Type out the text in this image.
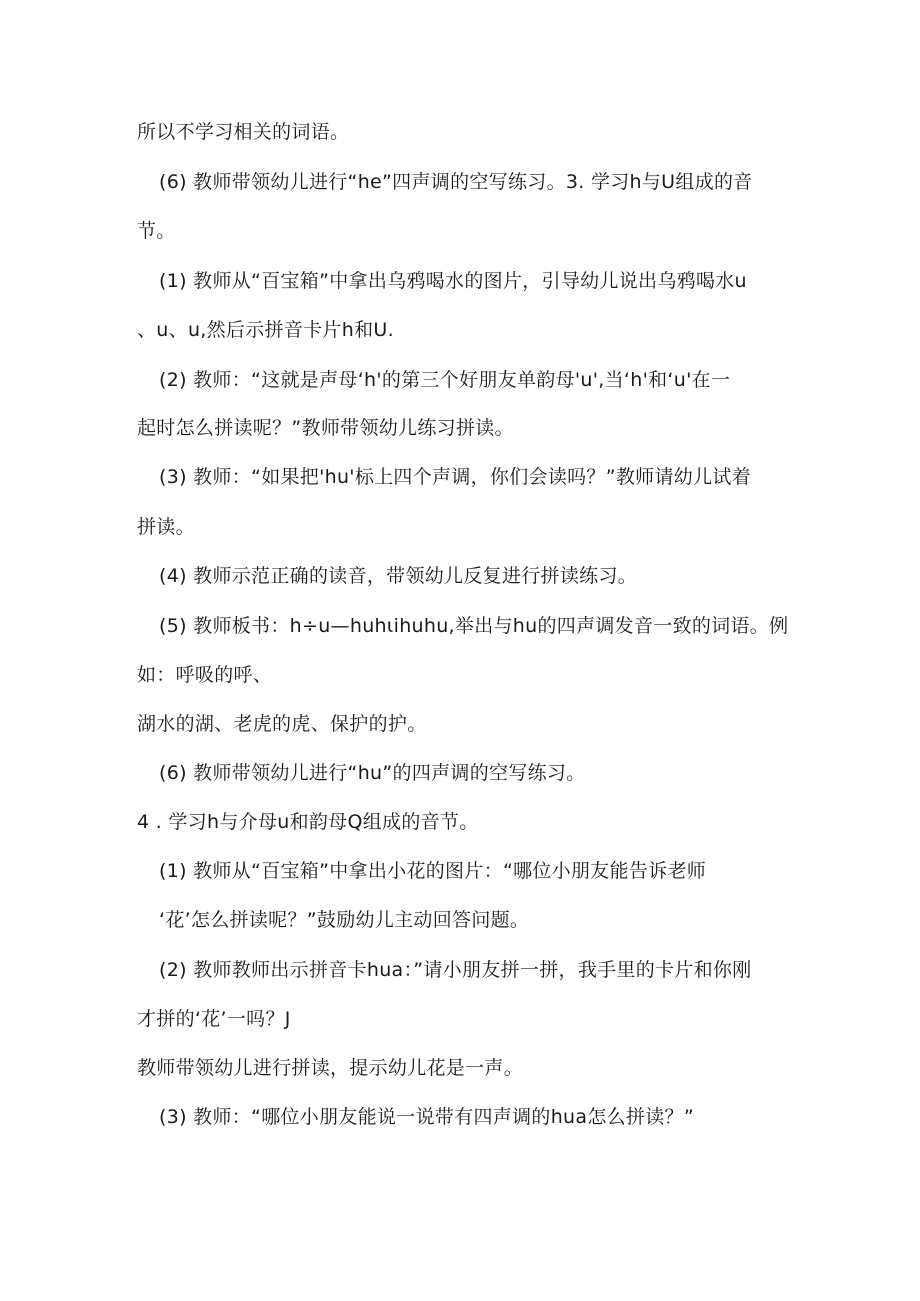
所以不学习相关的词语。
(6) 教师带领幼儿进行“he”四声调的空写练习。3. 学习h与U组成的音
节。
(1) 教师从“百宝箱”中拿出乌鸦喝水的图片，引导幼儿说出乌鸦喝水u
、u、u,然后示拼音卡片h和U.
(2) 教师：“这就是声母‘h'的第三个好朋友单韵母'u',当‘h'和‘u'在一
起时怎么拼读呢？”教师带领幼儿练习拼读。
(3) 教师：“如果把'hu'标上四个声调，你们会读吗？”教师请幼儿试着
拼读。
(4) 教师示范正确的读音，带领幼儿反复进行拼读练习。
(5) 教师板书：h÷u—huhιihuhu,举出与hu的四声调发音一致的词语。例
如：呼吸的呼、
湖水的湖、老虎的虎、保护的护。
(6) 教师带领幼儿进行“hu”的四声调的空写练习。
4 . 学习h与介母u和韵母Q组成的音节。
(1) 教师从“百宝箱”中拿出小花的图片：“哪位小朋友能告诉老师
‘花’怎么拼读呢？”鼓励幼儿主动回答问题。
(2) 教师教师出示拼音卡hua：”请小朋友拼一拼，我手里的卡片和你刚
才拼的‘花’一吗？J
教师带领幼儿进行拼读，提示幼儿花是一声。
(3) 教师：“哪位小朋友能说一说带有四声调的hua怎么拼读？”
